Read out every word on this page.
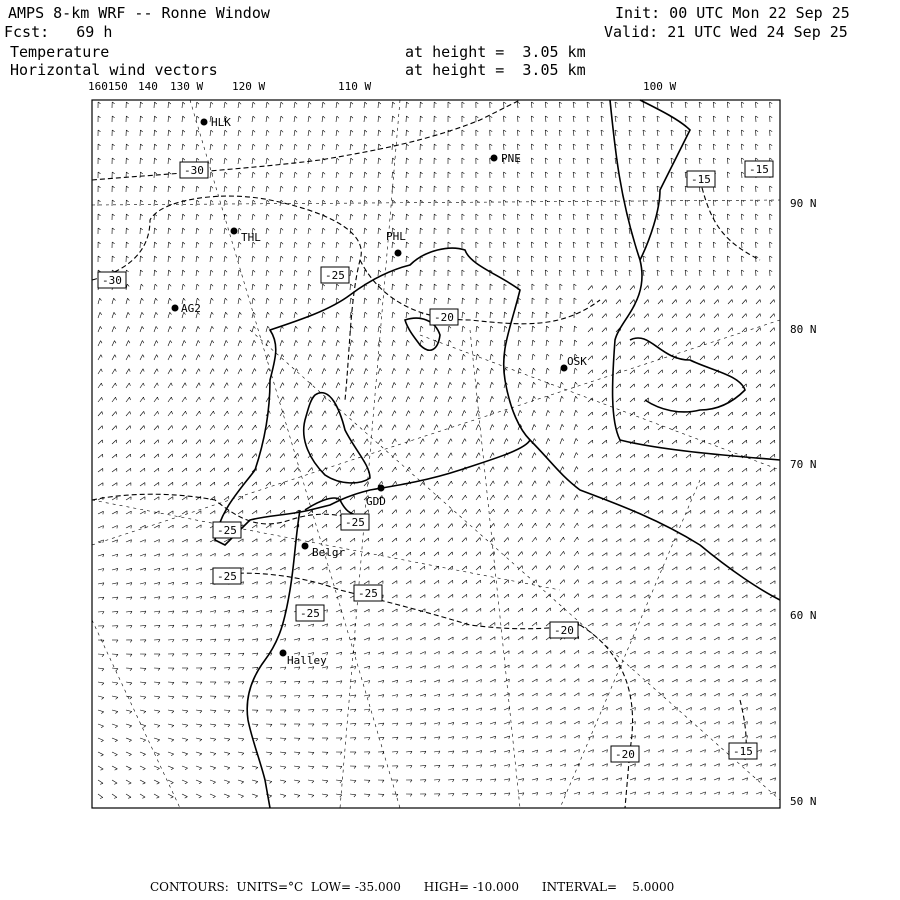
AMPS 8-km WRF -- Ronne Window
Fcst:   69 h
Init: 00 UTC Mon 22 Sep 25
Valid: 21 UTC Wed 24 Sep 25
Temperature	at height =  3.05 km
Horizontal wind vectors	at height =  3.05 km
160150 140 130 W	120 W	110 W	100 W
90 N
80 N
70 N
60 N
50 N
-30
-30	-25
-20
-15
-15
-25
-25
-25
-25
-25
-20
-20	-15
HLK
PNE
THL	PHL
AG2
OSK
GDD
Belgr
Halley
CONTOURS:  UNITS=°C  LOW= -35.000      HIGH= -10.000      INTERVAL=    5.0000
